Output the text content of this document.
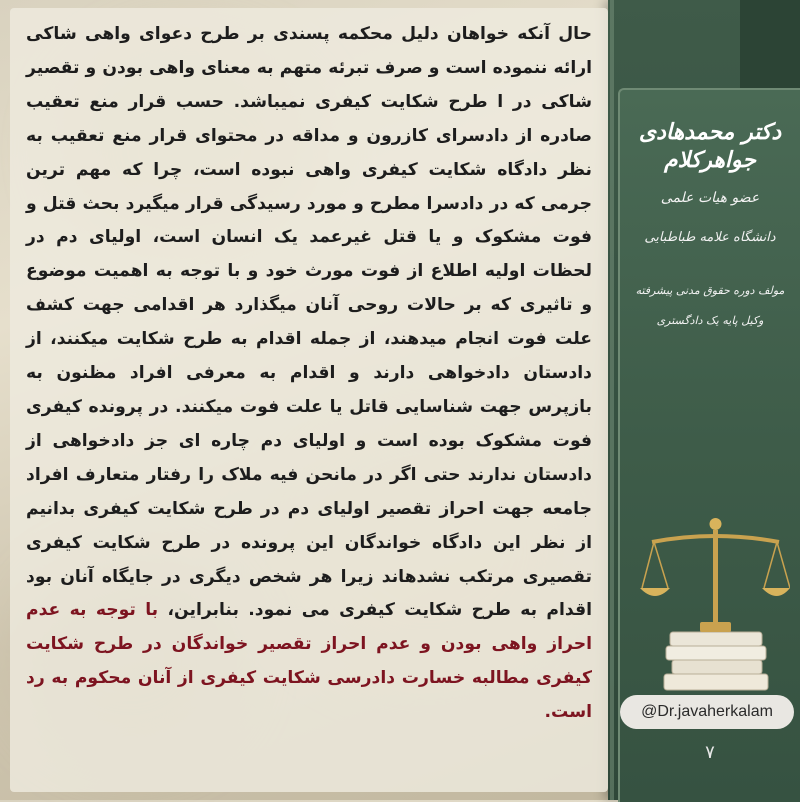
دکتر محمدهادی جواهرکلام
عضو هیات علمی
دانشگاه علامه طباطبایی
مولف دوره حقوق مدنی پیشرفته
وکیل پایه یک دادگستری
@Dr.javaherkalam
۷
حال آنکه خواهان دلیل محکمه پسندی بر طرح دعوای واهی شاکی ارائه ننموده است و صرف تبرئه متهم به معنای واهی بودن و تقصیر شاکی در ا طرح شکایت کیفری نمیباشد. حسب قرار منع تعقیب صادره از دادسرای کازرون و مداقه در محتوای قرار منع تعقیب به نظر دادگاه شکایت کیفری واهی نبوده است، چرا که مهم ترین جرمی که در دادسرا مطرح و مورد رسیدگی قرار میگیرد بحث قتل و فوت مشکوک و یا قتل غیرعمد یک انسان است، اولیای دم در لحظات اولیه اطلاع از فوت مورث خود و با توجه به اهمیت موضوع و تاثیری که بر حالات روحی آنان میگذارد هر اقدامی جهت کشف علت فوت انجام میدهند، از جمله اقدام به طرح شکایت میکنند، از دادستان دادخواهی دارند و اقدام به معرفی افراد مظنون به بازپرس جهت شناسایی قاتل یا علت فوت میکنند. در پرونده کیفری فوت مشکوک بوده است و اولیای دم چاره ای جز دادخواهی از دادستان ندارند حتی اگر در مانحن فیه ملاک را رفتار متعارف افراد جامعه جهت احراز تقصیر اولیای دم در طرح شکایت کیفری بدانیم از نظر این دادگاه خواندگان این پرونده در طرح شکایت کیفری تقصیری مرتکب نشدهاند زیرا هر شخص دیگری در جایگاه آنان بود اقدام به طرح شکایت کیفری می نمود. بنابراین، با توجه به عدم احراز واهی بودن و عدم احراز تقصیر خواندگان در طرح شکایت کیفری مطالبه خسارت دادرسی شکایت کیفری از آنان محکوم به رد است.
